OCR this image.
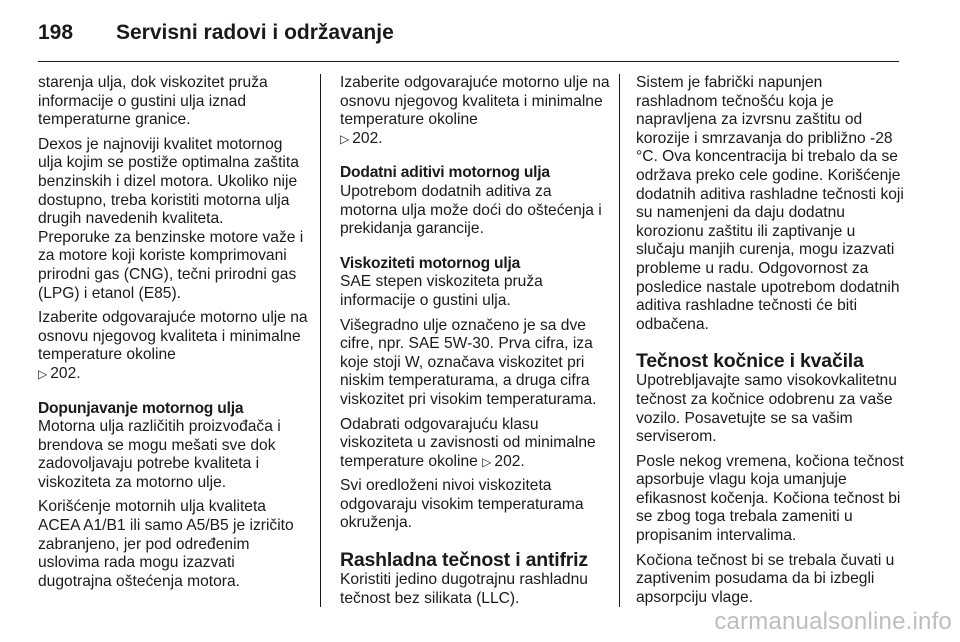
198	Servisni radovi i održavanje

starenja ulja, dok viskozitet pruža informacije o gustini ulja iznad temperaturne granice.

Dexos je najnoviji kvalitet motornog ulja kojim se postiže optimalna zaštita benzinskih i dizel motora. Ukoliko nije dostupno, treba koristiti motorna ulja drugih navedenih kvaliteta.

Preporuke za benzinske motore važe i za motore koji koriste komprimovani prirodni gas (CNG), tečni prirodni gas (LPG) i etanol (E85).

Izaberite odgovarajuće motorno ulje na osnovu njegovog kvaliteta i minimalne temperature okoline
▷ 202.

Dopunjavanje motornog ulja

Motorna ulja različitih proizvođača i brendova se mogu mešati sve dok zadovoljavaju potrebe kvaliteta i viskoziteta za motorno ulje.

Korišćenje motornih ulja kvaliteta ACEA A1/B1 ili samo A5/B5 je izričito zabranjeno, jer pod određenim uslovima rada mogu izazvati dugotrajna oštećenja motora.

Izaberite odgovarajuće motorno ulje na osnovu njegovog kvaliteta i minimalne temperature okoline
▷ 202.

Dodatni aditivi motornog ulja

Upotrebom dodatnih aditiva za motorna ulja može doći do oštećenja i prekidanja garancije.

Viskoziteti motornog ulja

SAE stepen viskoziteta pruža informacije o gustini ulja.

Višegradno ulje označeno je sa dve cifre, npr. SAE 5W-30. Prva cifra, iza koje stoji W, označava viskozitet pri niskim temperaturama, a druga cifra viskozitet pri visokim temperaturama.

Odabrati odgovarajuću klasu viskoziteta u zavisnosti od minimalne temperature okoline ▷ 202.

Svi oredloženi nivoi viskoziteta odgovaraju visokim temperaturama okruženja.

Rashladna tečnost i antifriz

Koristiti jedino dugotrajnu rashladnu tečnost bez silikata (LLC).

Sistem je fabrički napunjen rashladnom tečnošću koja je napravljena za izvrsnu zaštitu od korozije i smrzavanja do približno -28 °C. Ova koncentracija bi trebalo da se održava preko cele godine. Korišćenje dodatnih aditiva rashladne tečnosti koji su namenjeni da daju dodatnu korozionu zaštitu ili zaptivanje u slučaju manjih curenja, mogu izazvati probleme u radu. Odgovornost za posledice nastale upotrebom dodatnih aditiva rashladne tečnosti će biti odbačena.

Tečnost kočnice i kvačila

Upotrebljavajte samo visokovkalitetnu tečnost za kočnice odobrenu za vaše vozilo. Posavetujte se sa vašim serviserom.

Posle nekog vremena, kočiona tečnost apsorbuje vlagu koja umanjuje efikasnost kočenja. Kočiona tečnost bi se zbog toga trebala zameniti u propisanim intervalima.

Kočiona tečnost bi se trebala čuvati u zaptivenim posudama da bi izbegli apsorpciju vlage.

carmanualsonline.info
